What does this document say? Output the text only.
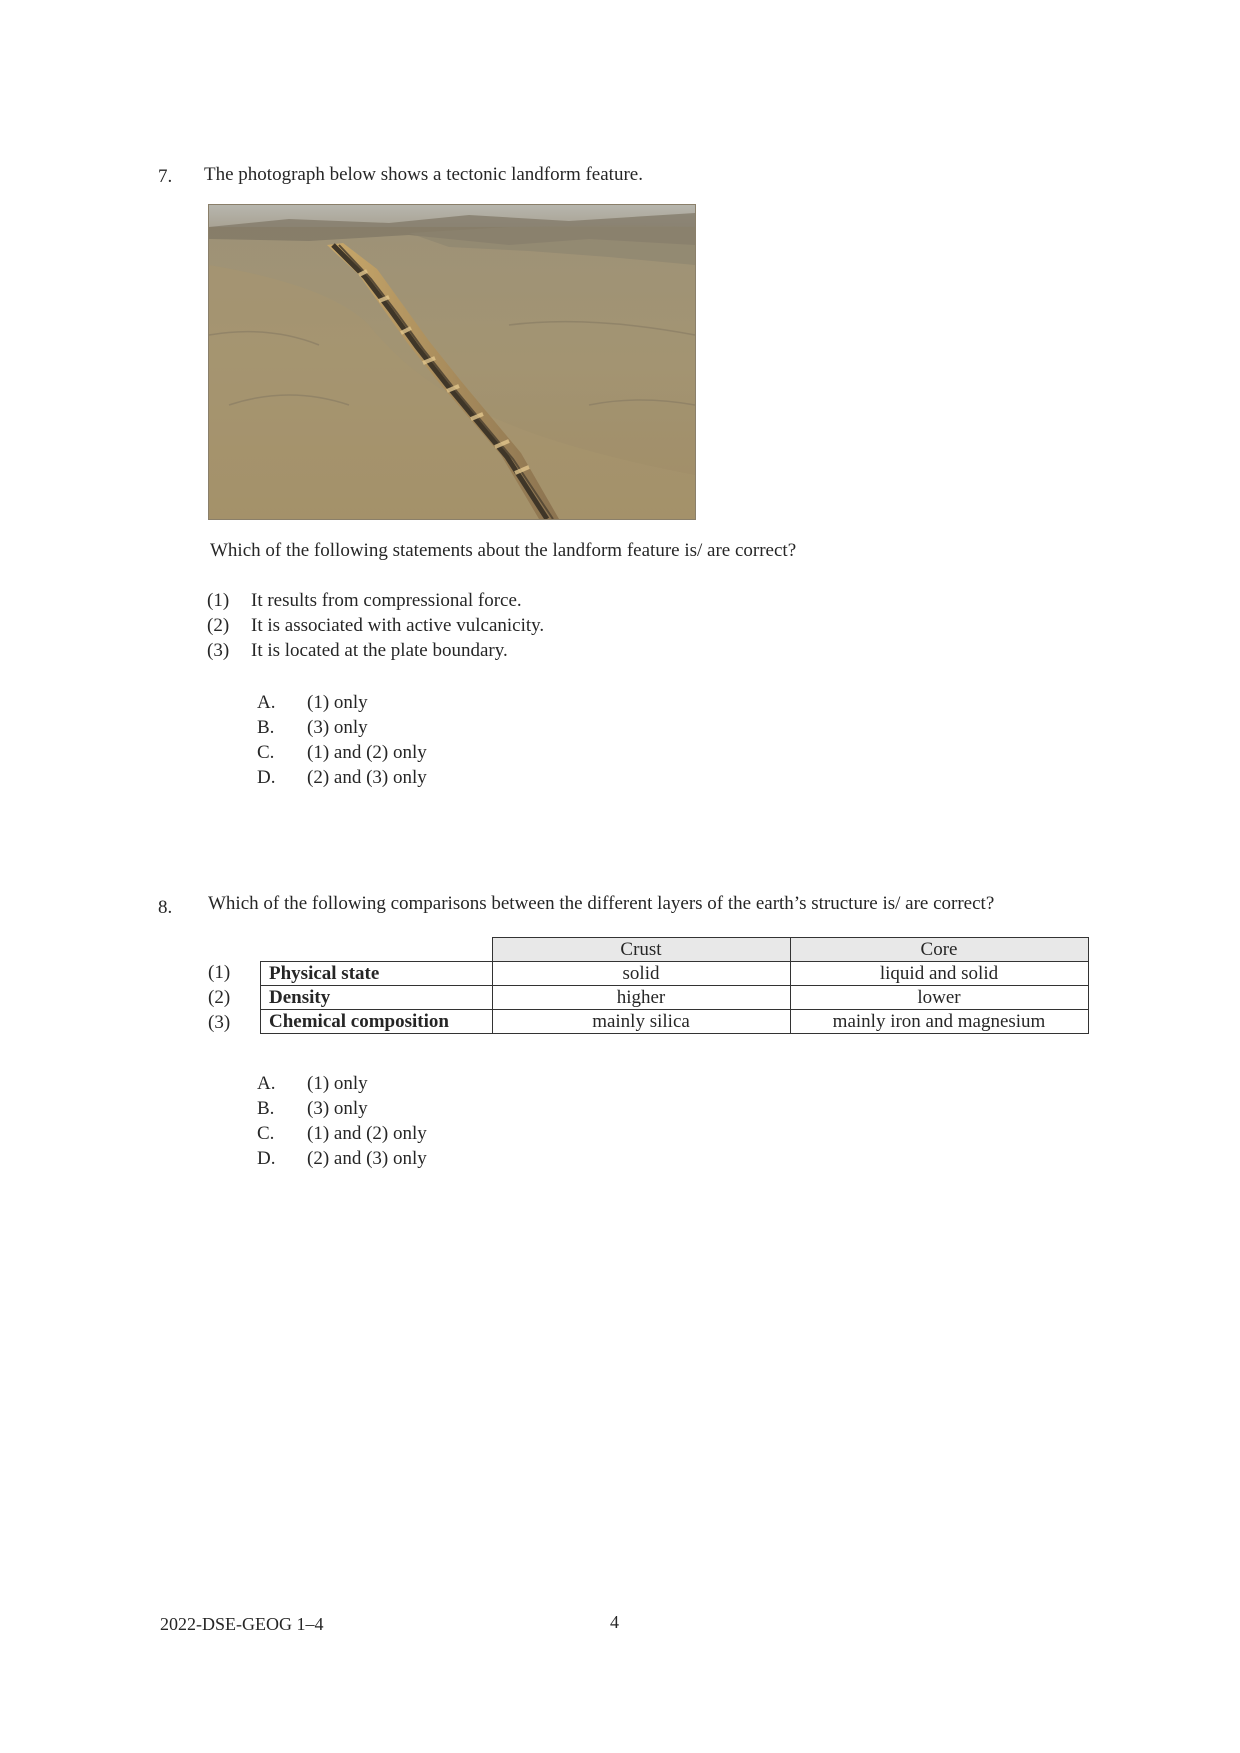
7. The photograph below shows a tectonic landform feature.
Which of the following statements about the landform feature is/ are correct?
(1) It results from compressional force.
(2) It is associated with active vulcanicity.
(3) It is located at the plate boundary.
A. (1) only
B. (3) only
C. (1) and (2) only
D. (2) and (3) only
8. Which of the following comparisons between the different layers of the earth’s structure is/ are correct?
(1)
(2)
(3)
	Crust	Core
Physical state	solid	liquid and solid
Density	higher	lower
Chemical composition	mainly silica	mainly iron and magnesium
A. (1) only
B. (3) only
C. (1) and (2) only
D. (2) and (3) only
2022-DSE-GEOG 1–4	4
